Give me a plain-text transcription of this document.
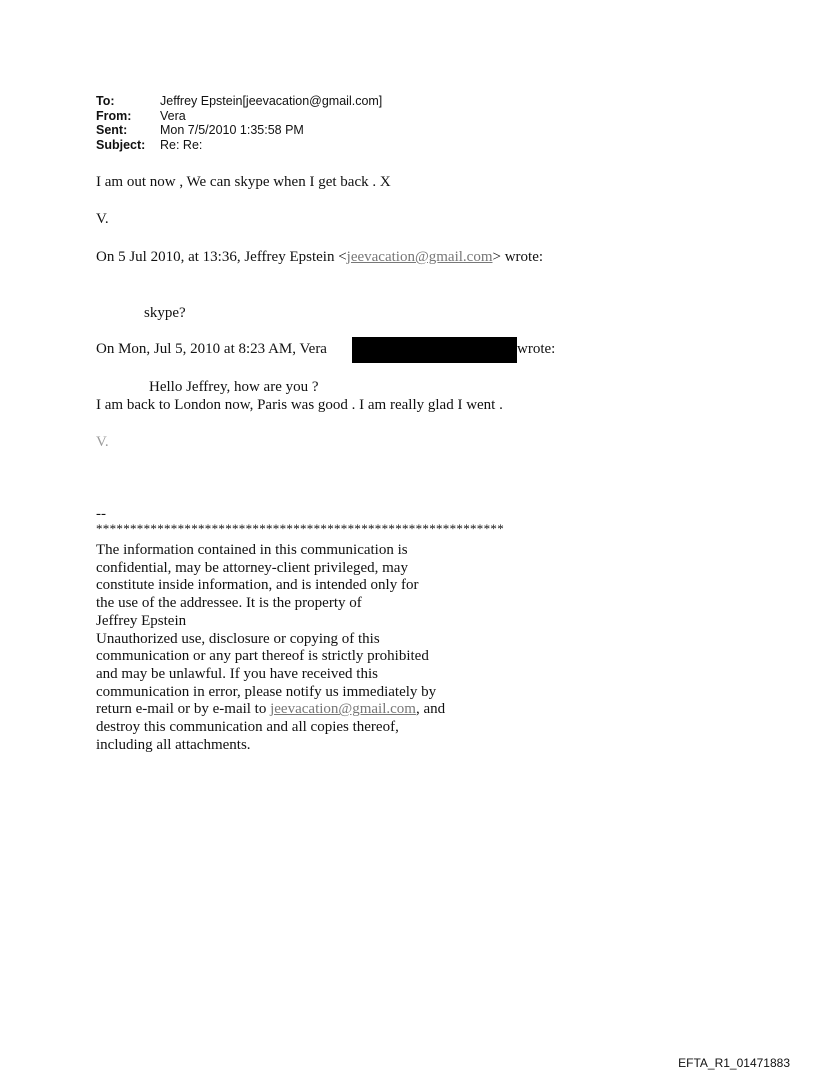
To:	Jeffrey Epstein[jeevacation@gmail.com]
From:	Vera
Sent:	Mon 7/5/2010 1:35:58 PM
Subject:	Re: Re:
I am out now , We can skype when I get back . X
V.
On 5 Jul 2010, at 13:36, Jeffrey Epstein <jeevacation@gmail.com> wrote:
skype?
On Mon, Jul 5, 2010 at 8:23 AM, Vera	wrote:
Hello Jeffrey, how are you ?
I am back to London now, Paris was good . I am really glad I went .
V.
--
************************************************************
The information contained in this communication is
confidential, may be attorney-client privileged, may
constitute inside information, and is intended only for
the use of the addressee. It is the property of
Jeffrey Epstein
Unauthorized use, disclosure or copying of this
communication or any part thereof is strictly prohibited
and may be unlawful. If you have received this
communication in error, please notify us immediately by
return e-mail or by e-mail to jeevacation@gmail.com, and
destroy this communication and all copies thereof,
including all attachments.
EFTA_R1_01471883
